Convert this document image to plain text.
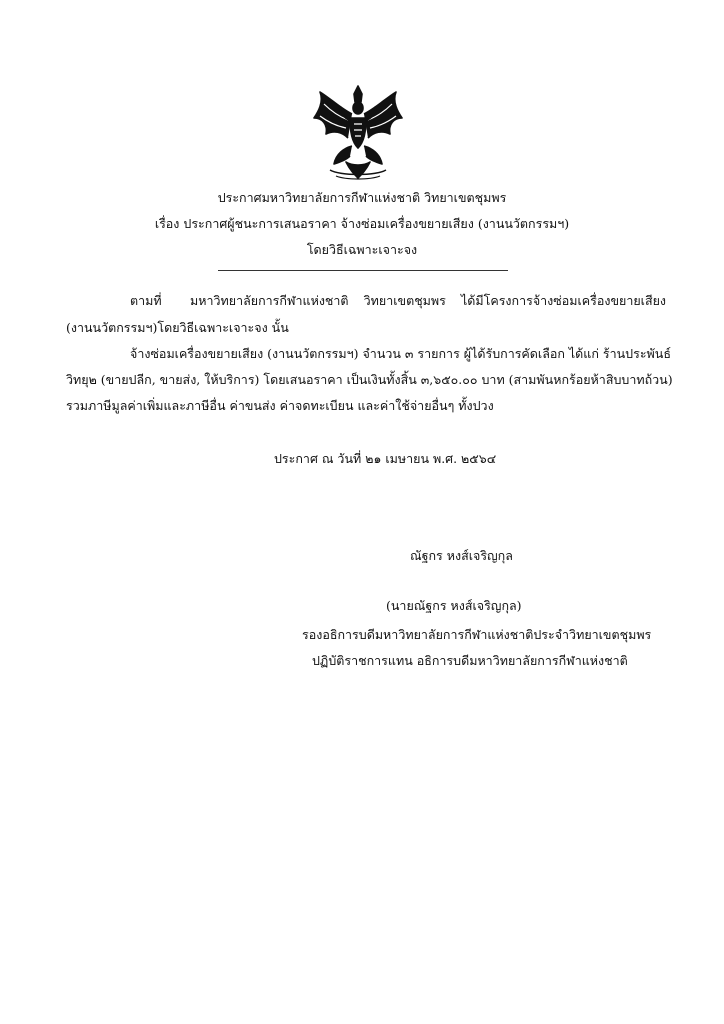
ประกาศมหาวิทยาลัยการกีฬาแห่งชาติ วิทยาเขตชุมพร
เรื่อง ประกาศผู้ชนะการเสนอราคา จ้างซ่อมเครื่องขยายเสียง (งานนวัตกรรมฯ)
โดยวิธีเฉพาะเจาะจง
ตามที่ มหาวิทยาลัยการกีฬาแห่งชาติ วิทยาเขตชุมพร ได้มีโครงการจ้างซ่อมเครื่องขยายเสียง
(งานนวัตกรรมฯ)โดยวิธีเฉพาะเจาะจง นั้น
จ้างซ่อมเครื่องขยายเสียง (งานนวัตกรรมฯ) จำนวน ๓ รายการ ผู้ได้รับการคัดเลือก ได้แก่ ร้านประพันธ์
วิทยุ๒ (ขายปลีก, ขายส่ง, ให้บริการ) โดยเสนอราคา เป็นเงินทั้งสิ้น ๓,๖๕๐.๐๐ บาท (สามพันหกร้อยห้าสิบบาทถ้วน)
รวมภาษีมูลค่าเพิ่มและภาษีอื่น ค่าขนส่ง ค่าจดทะเบียน และค่าใช้จ่ายอื่นๆ ทั้งปวง
ประกาศ ณ วันที่ ๒๑ เมษายน พ.ศ. ๒๕๖๔
ณัฐกร หงส์เจริญกุล
(นายณัฐกร หงส์เจริญกุล)
รองอธิการบดีมหาวิทยาลัยการกีฬาแห่งชาติประจำวิทยาเขตชุมพร
ปฏิบัติราชการแทน อธิการบดีมหาวิทยาลัยการกีฬาแห่งชาติ
